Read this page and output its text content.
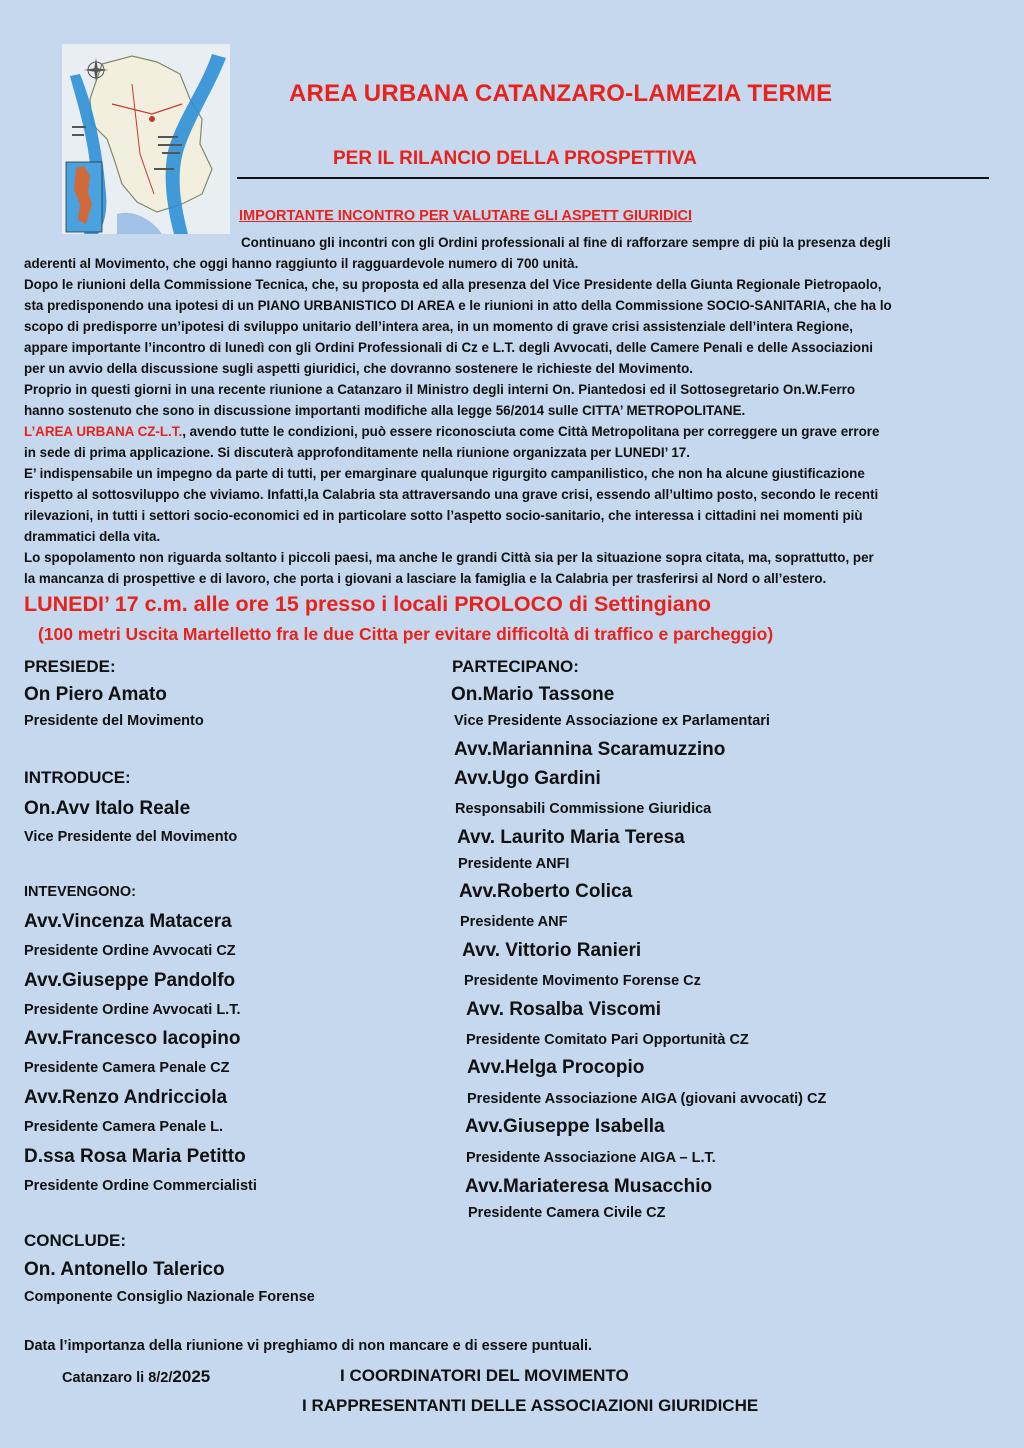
AREA URBANA CATANZARO-LAMEZIA TERME
PER IL RILANCIO DELLA PROSPETTIVA
IMPORTANTE INCONTRO PER VALUTARE GLI ASPETT GIURIDICI
Continuano gli incontri con gli Ordini professionali al fine di rafforzare sempre di più la presenza degli
aderenti al Movimento, che oggi hanno raggiunto il ragguardevole numero di 700 unità.
Dopo le riunioni della Commissione Tecnica, che, su proposta ed alla presenza del Vice Presidente della Giunta Regionale Pietropaolo,
sta predisponendo una ipotesi di un PIANO URBANISTICO DI AREA e le riunioni in atto della Commissione SOCIO-SANITARIA, che ha lo
scopo di predisporre un’ipotesi di sviluppo unitario dell’intera area, in un momento di grave crisi assistenziale dell’intera Regione,
appare importante l’incontro di lunedì con gli Ordini Professionali di Cz e L.T. degli Avvocati, delle Camere Penali e delle Associazioni
per un avvio della discussione sugli aspetti giuridici, che dovranno sostenere le richieste del Movimento.
Proprio in questi giorni in una recente riunione a Catanzaro il Ministro degli interni On. Piantedosi ed il Sottosegretario On.W.Ferro
hanno sostenuto che sono in discussione importanti modifiche alla legge 56/2014 sulle CITTA’ METROPOLITANE.
L’AREA URBANA CZ-L.T., avendo tutte le condizioni, può essere riconosciuta come Città Metropolitana per correggere un grave errore
in sede di prima applicazione. Si discuterà approfonditamente nella riunione organizzata per LUNEDI’ 17.
E’ indispensabile un impegno da parte di tutti, per emarginare qualunque rigurgito campanilistico, che non ha alcune giustificazione
rispetto al sottosviluppo che viviamo. Infatti,la Calabria sta attraversando una grave crisi, essendo all’ultimo posto, secondo le recenti
rilevazioni, in tutti i settori socio-economici ed in particolare sotto l’aspetto socio-sanitario, che interessa i cittadini nei momenti più
drammatici della vita.
Lo spopolamento non riguarda soltanto i piccoli paesi, ma anche le grandi Città sia per la situazione sopra citata, ma, soprattutto, per
la mancanza di prospettive e di lavoro, che porta i giovani a lasciare la famiglia e la Calabria per trasferirsi al Nord o all’estero.
LUNEDI’ 17 c.m. alle ore 15 presso i locali PROLOCO di Settingiano
(100 metri Uscita Martelletto fra le due Citta per evitare difficoltà di traffico e parcheggio)
PRESIEDE:
On Piero Amato
Presidente del Movimento
INTRODUCE:
On.Avv Italo Reale
Vice Presidente del Movimento
INTEVENGONO:
Avv.Vincenza Matacera
Presidente Ordine Avvocati CZ
Avv.Giuseppe Pandolfo
Presidente Ordine Avvocati L.T.
Avv.Francesco Iacopino
Presidente Camera Penale CZ
Avv.Renzo Andricciola
Presidente Camera Penale L.
D.ssa Rosa Maria Petitto
Presidente Ordine Commercialisti
CONCLUDE:
On. Antonello Talerico
Componente Consiglio Nazionale Forense
PARTECIPANO:
On.Mario Tassone
Vice Presidente Associazione ex Parlamentari
Avv.Mariannina Scaramuzzino
Avv.Ugo Gardini
Responsabili Commissione Giuridica
Avv. Laurito Maria Teresa
Presidente ANFI
Avv.Roberto Colica
Presidente ANF
Avv. Vittorio Ranieri
Presidente Movimento Forense Cz
Avv. Rosalba Viscomi
Presidente Comitato Pari Opportunità CZ
Avv.Helga Procopio
Presidente Associazione AIGA (giovani avvocati) CZ
Avv.Giuseppe Isabella
Presidente Associazione AIGA – L.T.
Avv.Mariateresa Musacchio
Presidente Camera Civile CZ
Data l’importanza della riunione vi preghiamo di non mancare e di essere puntuali.
Catanzaro li 8/2/2025	I COORDINATORI DEL MOVIMENTO
I RAPPRESENTANTI DELLE ASSOCIAZIONI GIURIDICHE
